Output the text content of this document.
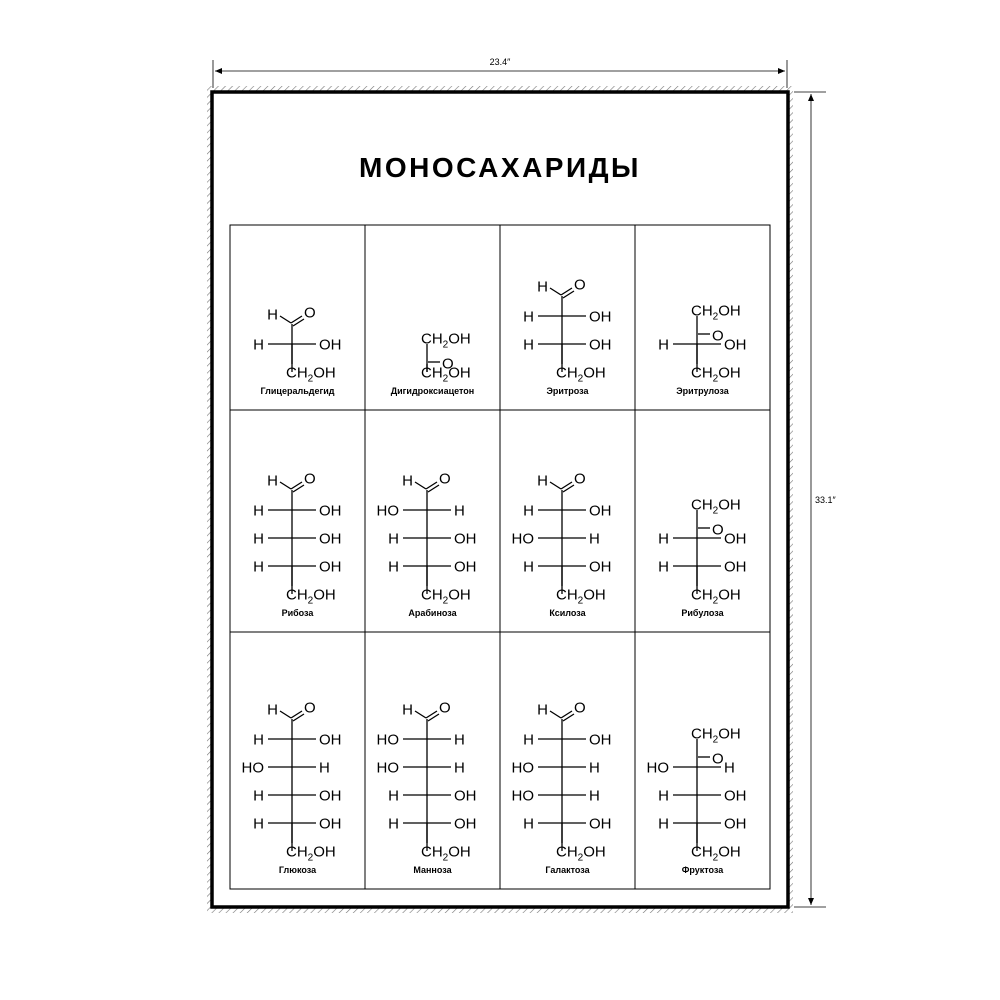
23.4″
33.1″
МОНОСАХАРИДЫ
Глицеральдегид
H O
H	OH
$CH_2OH$
Дигидроксиацетон
$CH_2OH$
O
$CH_2OH$
Эритроза
H O
H	OH
H	OH
$CH_2OH$
Эритрулоза
$CH_2OH$
O
H	OH
$CH_2OH$
Рибоза
H O
H	OH
H	OH
H	OH
$CH_2OH$
Арабиноза
H O
HO	H
H	OH
H	OH
$CH_2OH$
Ксилоза
H O
H	OH
HO	H
H	OH
$CH_2OH$
Рибулоза
$CH_2OH$
O
H	OH
H	OH
$CH_2OH$
Глюкоза
H O
H	OH
HO	H
H	OH
H	OH
$CH_2OH$
Манноза
H O
HO	H
HO	H
H	OH
H	OH
$CH_2OH$
Галактоза
H O
H	OH
HO	H
HO	H
H	OH
$CH_2OH$
Фруктоза
$CH_2OH$
O
HO	H
H	OH
H	OH
$CH_2OH$
